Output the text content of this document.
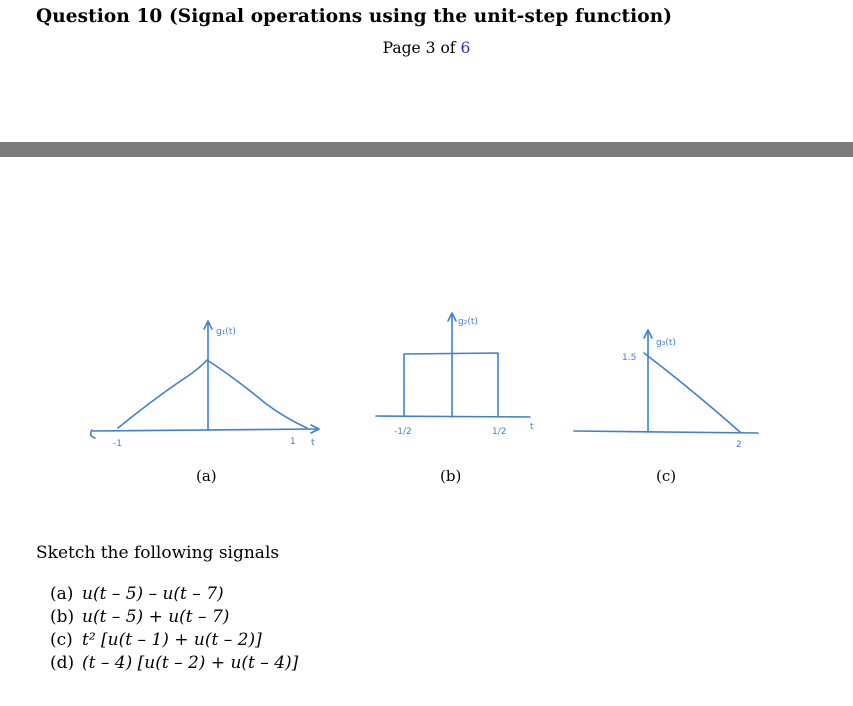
Question 10 (Signal operations using the unit-step function)
Page 3 of 6
g₁(t)
-1	1 t
(a)
g₂(t)
-1/2	1/2	t
(b)
g₃(t)
1.5
2
(c)
Sketch the following signals
(a) u(t – 5) – u(t – 7)
(b) u(t – 5) + u(t – 7)
(c) t² [u(t – 1) + u(t – 2)]
(d) (t – 4) [u(t – 2) + u(t – 4)]
